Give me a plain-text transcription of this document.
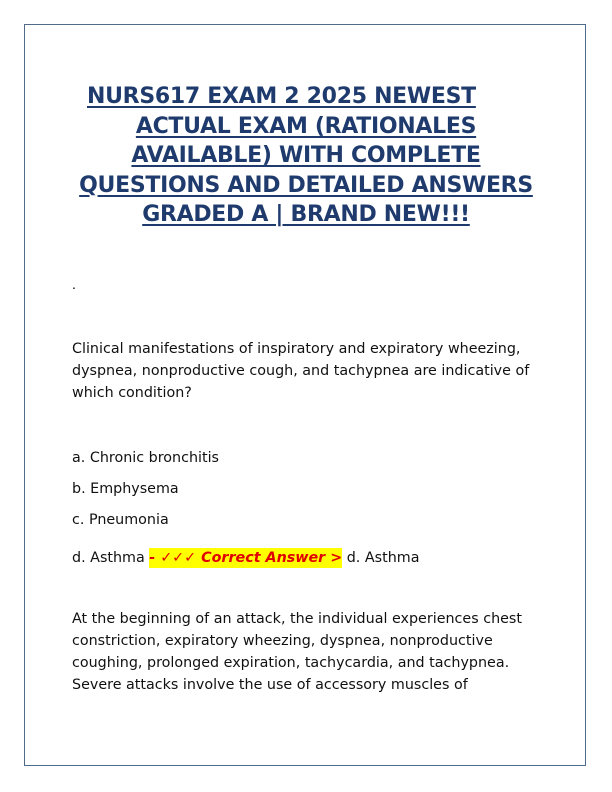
NURS617 EXAM 2 2025 NEWEST
ACTUAL EXAM (RATIONALES
AVAILABLE) WITH COMPLETE
QUESTIONS AND DETAILED ANSWERS
GRADED A | BRAND NEW!!!
.
Clinical manifestations of inspiratory and expiratory wheezing, dyspnea, nonproductive cough, and tachypnea are indicative of which condition?
a. Chronic bronchitis
b. Emphysema
c. Pneumonia
d. Asthma - ✓✓✓ Correct Answer > d. Asthma
At the beginning of an attack, the individual experiences chest constriction, expiratory wheezing, dyspnea, nonproductive coughing, prolonged expiration, tachycardia, and tachypnea. Severe attacks involve the use of accessory muscles of
